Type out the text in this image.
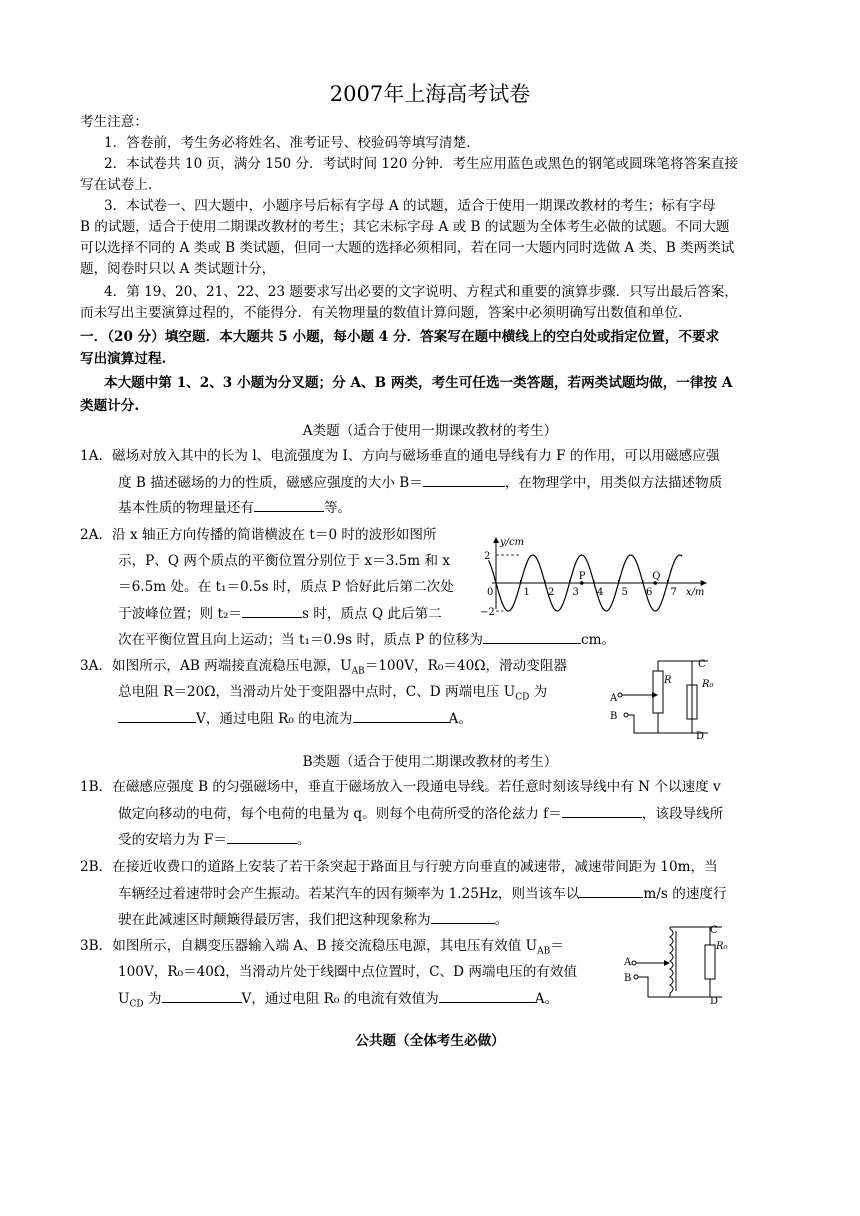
2007年上海高考试卷
考生注意：
1．答卷前，考生务必将姓名、准考证号、校验码等填写清楚.
2．本试卷共 10 页，满分 150 分．考试时间 120 分钟．考生应用蓝色或黑色的钢笔或圆珠笔将答案直接
写在试卷上.
3．本试卷一、四大题中，小题序号后标有字母 A 的试题，适合于使用一期课改教材的考生；标有字母
B 的试题，适合于使用二期课改教材的考生；其它未标字母 A 或 B 的试题为全体考生必做的试题。不同大题
可以选择不同的 A 类或 B 类试题，但同一大题的选择必须相同，若在同一大题内同时选做 A 类、B 类两类试
题，阅卷时只以 A 类试题计分，
4．第 19、20、21、22、23 题要求写出必要的文字说明、方程式和重要的演算步骤．只写出最后答案，
而未写出主要演算过程的，不能得分．有关物理量的数值计算问题，答案中必须明确写出数值和单位.
一．（20 分）填空题．本大题共 5 小题，每小题 4 分．答案写在题中横线上的空白处或指定位置，不要求
写出演算过程.
本大题中第 1、2、3 小题为分叉题；分 A、B 两类，考生可任选一类答题，若两类试题均做，一律按 A
类题计分.
A类题（适合于使用一期课改教材的考生）
1A．磁场对放入其中的长为 l、电流强度为 I、方向与磁场垂直的通电导线有力 F 的作用，可以用磁感应强
度 B 描述磁场的力的性质，磁感应强度的大小 B＝	，在物理学中，用类似方法描述物质
基本性质的物理量还有	等。
2A．沿 x 轴正方向传播的简谐横波在 t＝0 时的波形如图所
示，P、Q 两个质点的平衡位置分别位于 x＝3.5m 和 x
＝6.5m 处。在 t₁＝0.5s 时，质点 P 恰好此后第二次处
于波峰位置；则 t₂＝	s 时，质点 Q 此后第二
次在平衡位置且向上运动；当 t₁＝0.9s 时，质点 P 的位移为	cm。
0	1 2 3 4 5 6 7
2
−2
y/cm
x/m
P	Q
3A．如图所示，AB 两端接直流稳压电源，$U_{AB}=100V$，R₀＝40Ω，滑动变阻器
总电阻 R＝20Ω，当滑动片处于变阻器中点时，C、D 两端电压 $U_{CD}$ 为
V，通过电阻 R₀ 的电流为	A。
C
R	R₀
A
B
D
B类题（适合于使用二期课改教材的考生）
1B．在磁感应强度 B 的匀强磁场中，垂直于磁场放入一段通电导线。若任意时刻该导线中有 N 个以速度 v
做定向移动的电荷，每个电荷的电量为 q。则每个电荷所受的洛伦兹力 f＝	，该段导线所
受的安培力为 F＝	。
2B．在接近收费口的道路上安装了若干条突起于路面且与行驶方向垂直的减速带，减速带间距为 10m，当
车辆经过着速带时会产生振动。若某汽车的因有频率为 1.25Hz，则当该车以	m/s 的速度行
驶在此减速区时颠簸得最厉害，我们把这种现象称为	。
3B．如图所示，自耦变压器输入端 A、B 接交流稳压电源，其电压有效值 $U_{AB}=$
100V，R₀＝40Ω，当滑动片处于线圈中点位置时，C、D 两端电压的有效值
$U_{CD}$ 为	V，通过电阻 R₀ 的电流有效值为	A。
C
R₀
A
B
D
公共题（全体考生必做）
